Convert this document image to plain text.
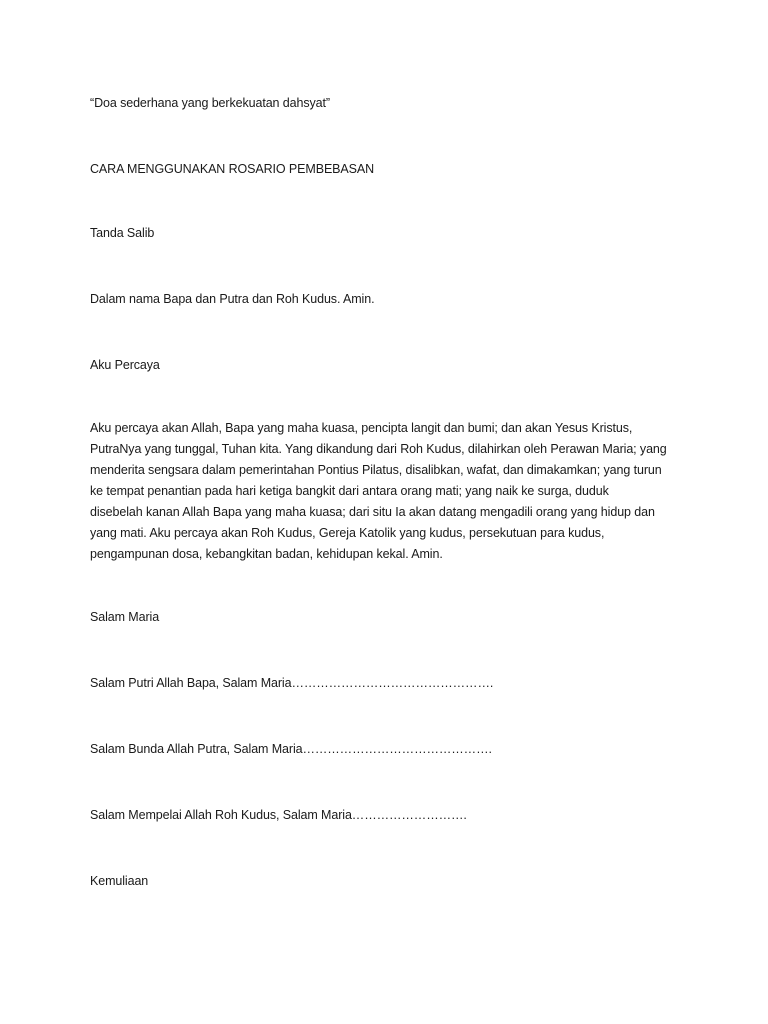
“Doa sederhana yang berkekuatan dahsyat”

CARA MENGGUNAKAN ROSARIO PEMBEBASAN

Tanda Salib

Dalam nama Bapa dan Putra dan Roh Kudus. Amin.

Aku Percaya

Aku percaya akan Allah, Bapa yang maha kuasa, pencipta langit dan bumi; dan akan Yesus Kristus,
PutraNya yang tunggal, Tuhan kita. Yang dikandung dari Roh Kudus, dilahirkan oleh Perawan Maria; yang
menderita sengsara dalam pemerintahan Pontius Pilatus, disalibkan, wafat, dan dimakamkan; yang turun
ke tempat penantian pada hari ketiga bangkit dari antara orang mati; yang naik ke surga, duduk
disebelah kanan Allah Bapa yang maha kuasa; dari situ Ia akan datang mengadili orang yang hidup dan
yang mati. Aku percaya akan Roh Kudus, Gereja Katolik yang kudus, persekutuan para kudus,
pengampunan dosa, kebangkitan badan, kehidupan kekal. Amin.

Salam Maria

Salam Putri Allah Bapa, Salam Maria………………………………………….

Salam Bunda Allah Putra, Salam Maria……………………………………….

Salam Mempelai Allah Roh Kudus, Salam Maria……………………….

Kemuliaan
